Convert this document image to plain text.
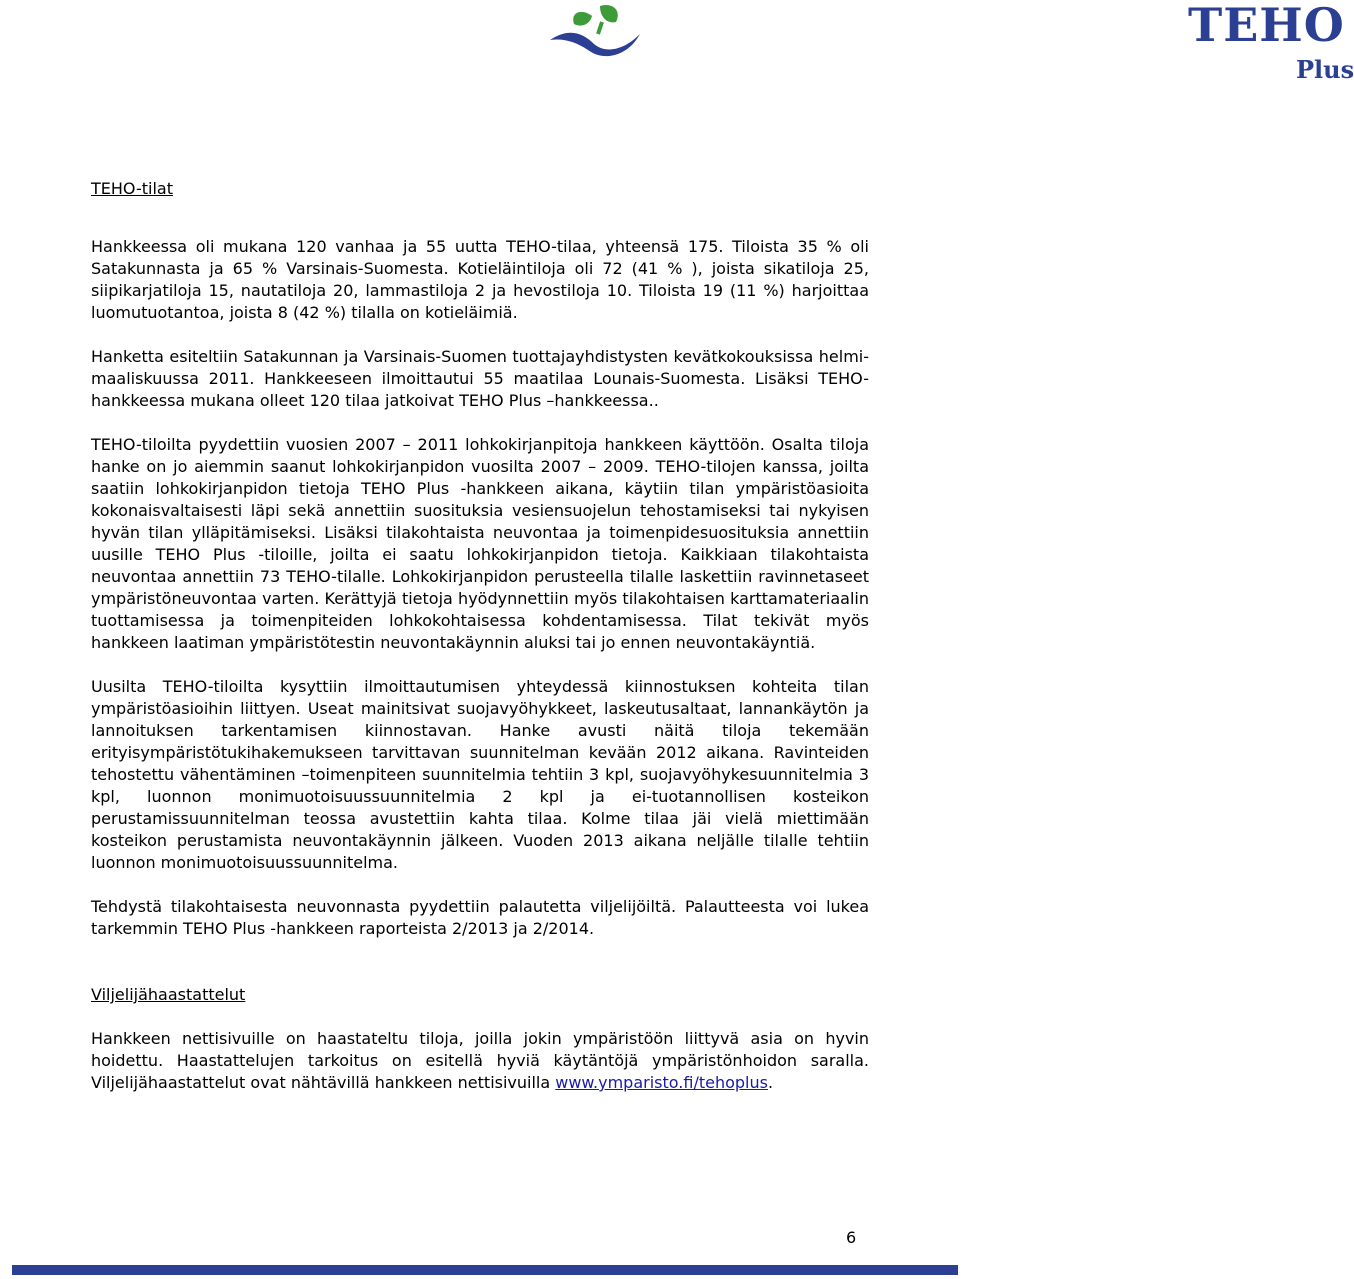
TEHO
Plus
TEHO-tilat

Hankkeessa oli mukana 120 vanhaa ja 55 uutta TEHO-tilaa, yhteensä 175. Tiloista 35 % oli Satakunnasta ja 65 % Varsinais-Suomesta. Kotieläintiloja oli 72 (41 % ), joista sikatiloja 25, siipikarjatiloja 15, nautatiloja 20, lammastiloja 2 ja hevostiloja 10. Tiloista 19 (11 %) harjoittaa luomutuotantoa, joista 8 (42 %) tilalla on kotieläimiä.

Hanketta esiteltiin Satakunnan ja Varsinais-Suomen tuottajayhdistysten kevätkokouksissa helmi-maaliskuussa 2011. Hankkeeseen ilmoittautui 55 maatilaa Lounais-Suomesta. Lisäksi TEHO-hankkeessa mukana olleet 120 tilaa jatkoivat TEHO Plus –hankkeessa..

TEHO-tiloilta pyydettiin vuosien 2007 – 2011 lohkokirjanpitoja hankkeen käyttöön. Osalta tiloja hanke on jo aiemmin saanut lohkokirjanpidon vuosilta 2007 – 2009. TEHO-tilojen kanssa, joilta saatiin lohkokirjanpidon tietoja TEHO Plus -hankkeen aikana, käytiin tilan ympäristöasioita kokonaisvaltaisesti läpi sekä annettiin suosituksia vesiensuojelun tehostamiseksi tai nykyisen hyvän tilan ylläpitämiseksi. Lisäksi tilakohtaista neuvontaa ja toimenpidesuosituksia annettiin uusille TEHO Plus -tiloille, joilta ei saatu lohkokirjanpidon tietoja. Kaikkiaan tilakohtaista neuvontaa annettiin 73 TEHO-tilalle. Lohkokirjanpidon perusteella tilalle laskettiin ravinnetaseet ympäristöneuvontaa varten. Kerättyjä tietoja hyödynnettiin myös tilakohtaisen karttamateriaalin tuottamisessa ja toimenpiteiden lohkokohtaisessa kohdentamisessa. Tilat tekivät myös hankkeen laatiman ympäristötestin neuvontakäynnin aluksi tai jo ennen neuvontakäyntiä.

Uusilta TEHO-tiloilta kysyttiin ilmoittautumisen yhteydessä kiinnostuksen kohteita tilan ympäristöasioihin liittyen. Useat mainitsivat suojavyöhykkeet, laskeutusaltaat, lannankäytön ja lannoituksen tarkentamisen kiinnostavan. Hanke avusti näitä tiloja tekemään erityisympäristötukihakemukseen tarvittavan suunnitelman kevään 2012 aikana. Ravinteiden tehostettu vähentäminen –toimenpiteen suunnitelmia tehtiin 3 kpl, suojavyöhykesuunnitelmia 3 kpl, luonnon monimuotoisuussuunnitelmia 2 kpl ja ei-tuotannollisen kosteikon perustamissuunnitelman teossa avustettiin kahta tilaa. Kolme tilaa jäi vielä miettimään kosteikon perustamista neuvontakäynnin jälkeen. Vuoden 2013 aikana neljälle tilalle tehtiin luonnon monimuotoisuussuunnitelma.

Tehdystä tilakohtaisesta neuvonnasta pyydettiin palautetta viljelijöiltä. Palautteesta voi lukea tarkemmin TEHO Plus -hankkeen raporteista 2/2013 ja 2/2014.

Viljelijähaastattelut

Hankkeen nettisivuille on haastateltu tiloja, joilla jokin ympäristöön liittyvä asia on hyvin hoidettu. Haastattelujen tarkoitus on esitellä hyviä käytäntöjä ympäristönhoidon saralla. Viljelijähaastattelut ovat nähtävillä hankkeen nettisivuilla www.ymparisto.fi/tehoplus.

6
